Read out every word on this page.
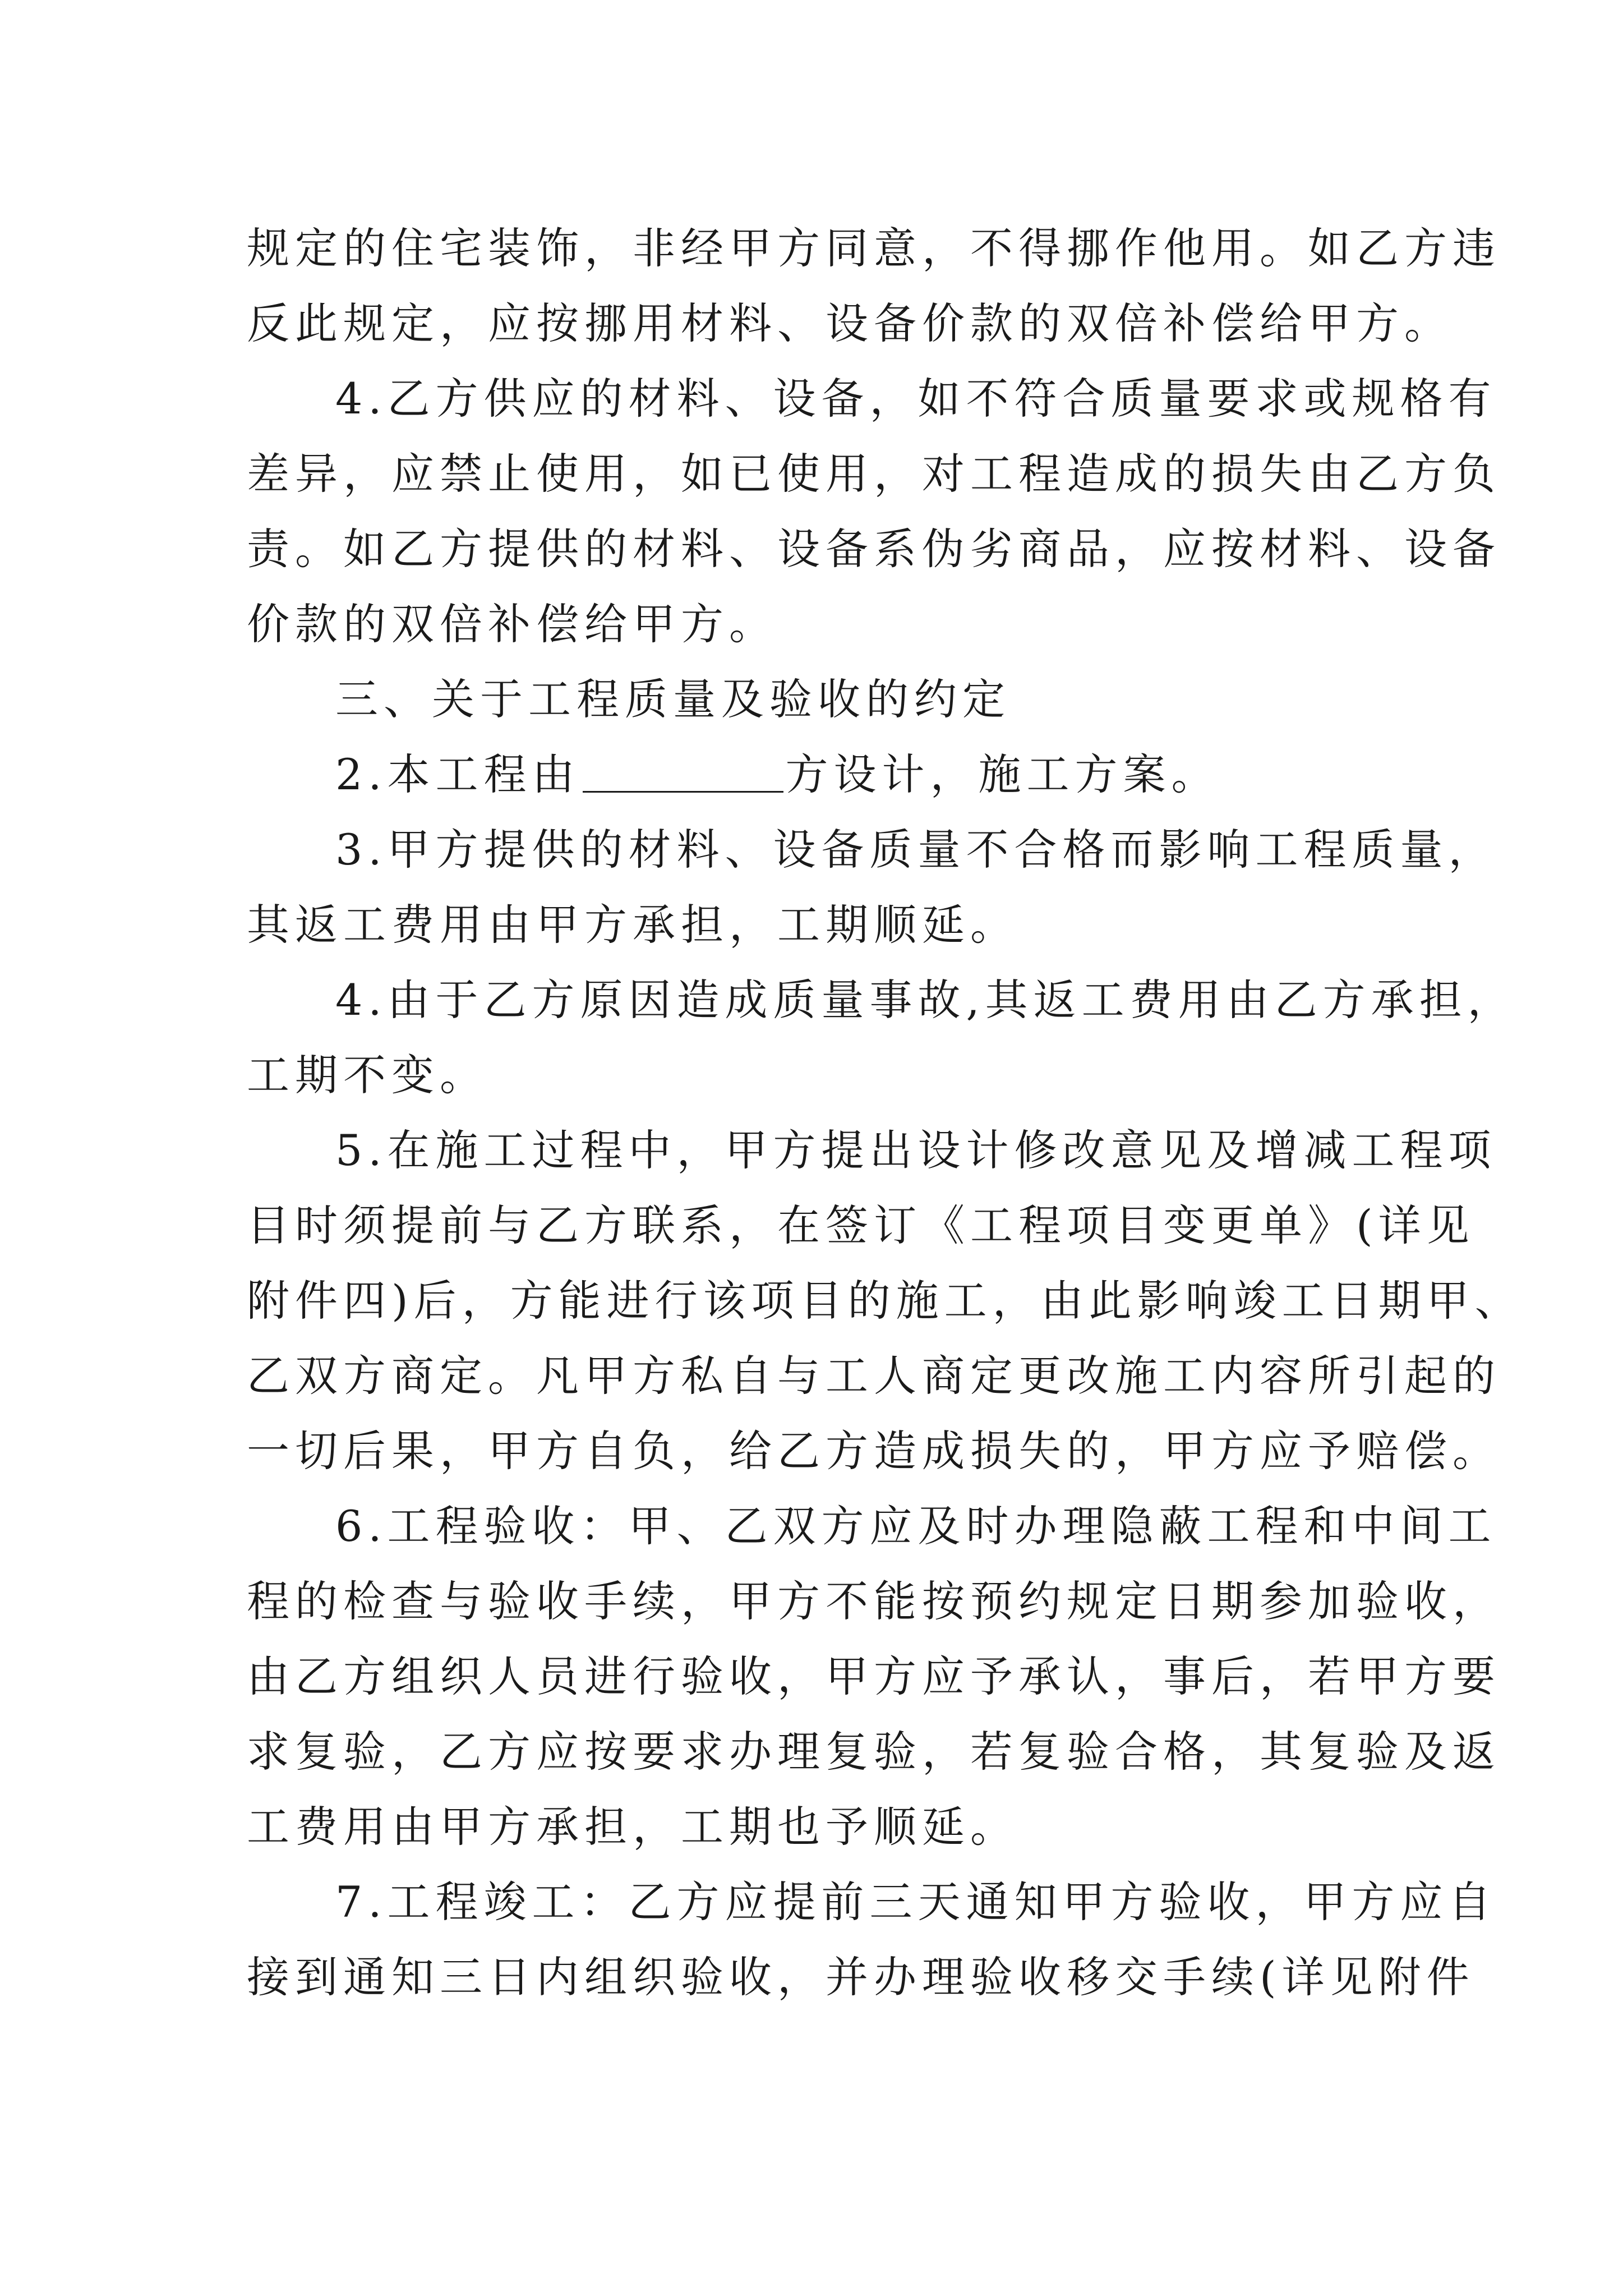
规定的住宅装饰，非经甲方同意，不得挪作他用。如乙方违
反此规定，应按挪用材料、设备价款的双倍补偿给甲方。
4.乙方供应的材料、设备，如不符合质量要求或规格有
差异，应禁止使用，如已使用，对工程造成的损失由乙方负
责。如乙方提供的材料、设备系伪劣商品，应按材料、设备
价款的双倍补偿给甲方。
三、关于工程质量及验收的约定
2.本工程由	方设计，施工方案。
3.甲方提供的材料、设备质量不合格而影响工程质量，
其返工费用由甲方承担，工期顺延。
4.由于乙方原因造成质量事故,其返工费用由乙方承担，
工期不变。
5.在施工过程中，甲方提出设计修改意见及增减工程项
目时须提前与乙方联系，在签订《工程项目变更单》(详见
附件四)后，方能进行该项目的施工，由此影响竣工日期甲、
乙双方商定。凡甲方私自与工人商定更改施工内容所引起的
一切后果，甲方自负，给乙方造成损失的，甲方应予赔偿。
6.工程验收：甲、乙双方应及时办理隐蔽工程和中间工
程的检查与验收手续，甲方不能按预约规定日期参加验收，
由乙方组织人员进行验收，甲方应予承认，事后，若甲方要
求复验，乙方应按要求办理复验，若复验合格，其复验及返
工费用由甲方承担，工期也予顺延。
7.工程竣工：乙方应提前三天通知甲方验收，甲方应自
接到通知三日内组织验收，并办理验收移交手续(详见附件
